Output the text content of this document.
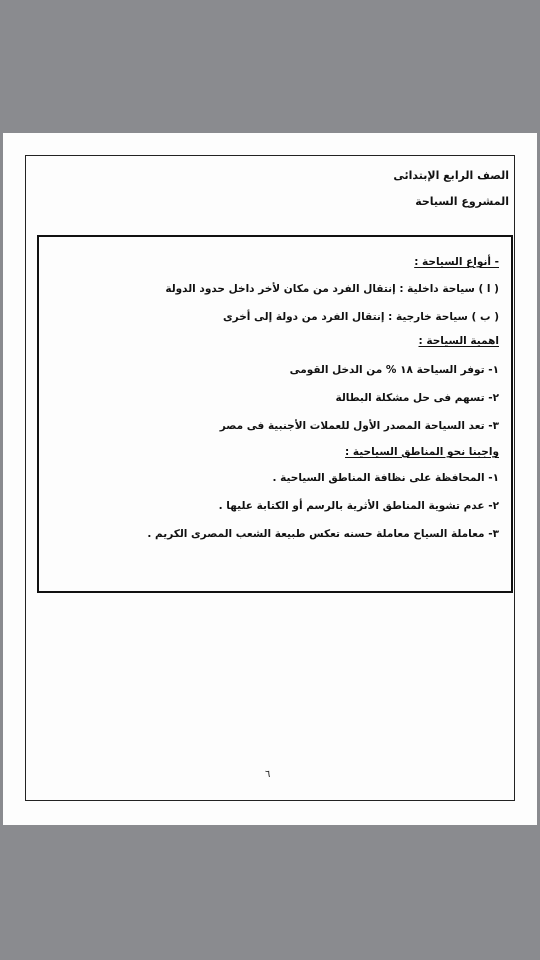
الصف الرابع الإبتدائى
المشروع السياحة
- أنواع السياحة :
( ا ) سياحة داخلية : إنتقال الفرد من مكان لأخر داخل حدود الدولة
( ب ) سياحة خارجية : إنتقال الفرد من دولة إلى أخرى
اهمية السياحة :
١- توفر السياحة ١٨ % من الدخل القومى
٢- تسهم فى حل مشكلة البطالة
٣- تعد السياحة المصدر الأول للعملات الأجنبية فى مصر
واجبنا نحو المناطق السياحية :
١- المحافظة على نظافة المناطق السياحية .
٢- عدم تشوية المناطق الأثرية بالرسم أو الكتابة عليها .
٣- معاملة السياح معاملة حسنه تعكس طبيعة الشعب المصرى الكريم .
٦
